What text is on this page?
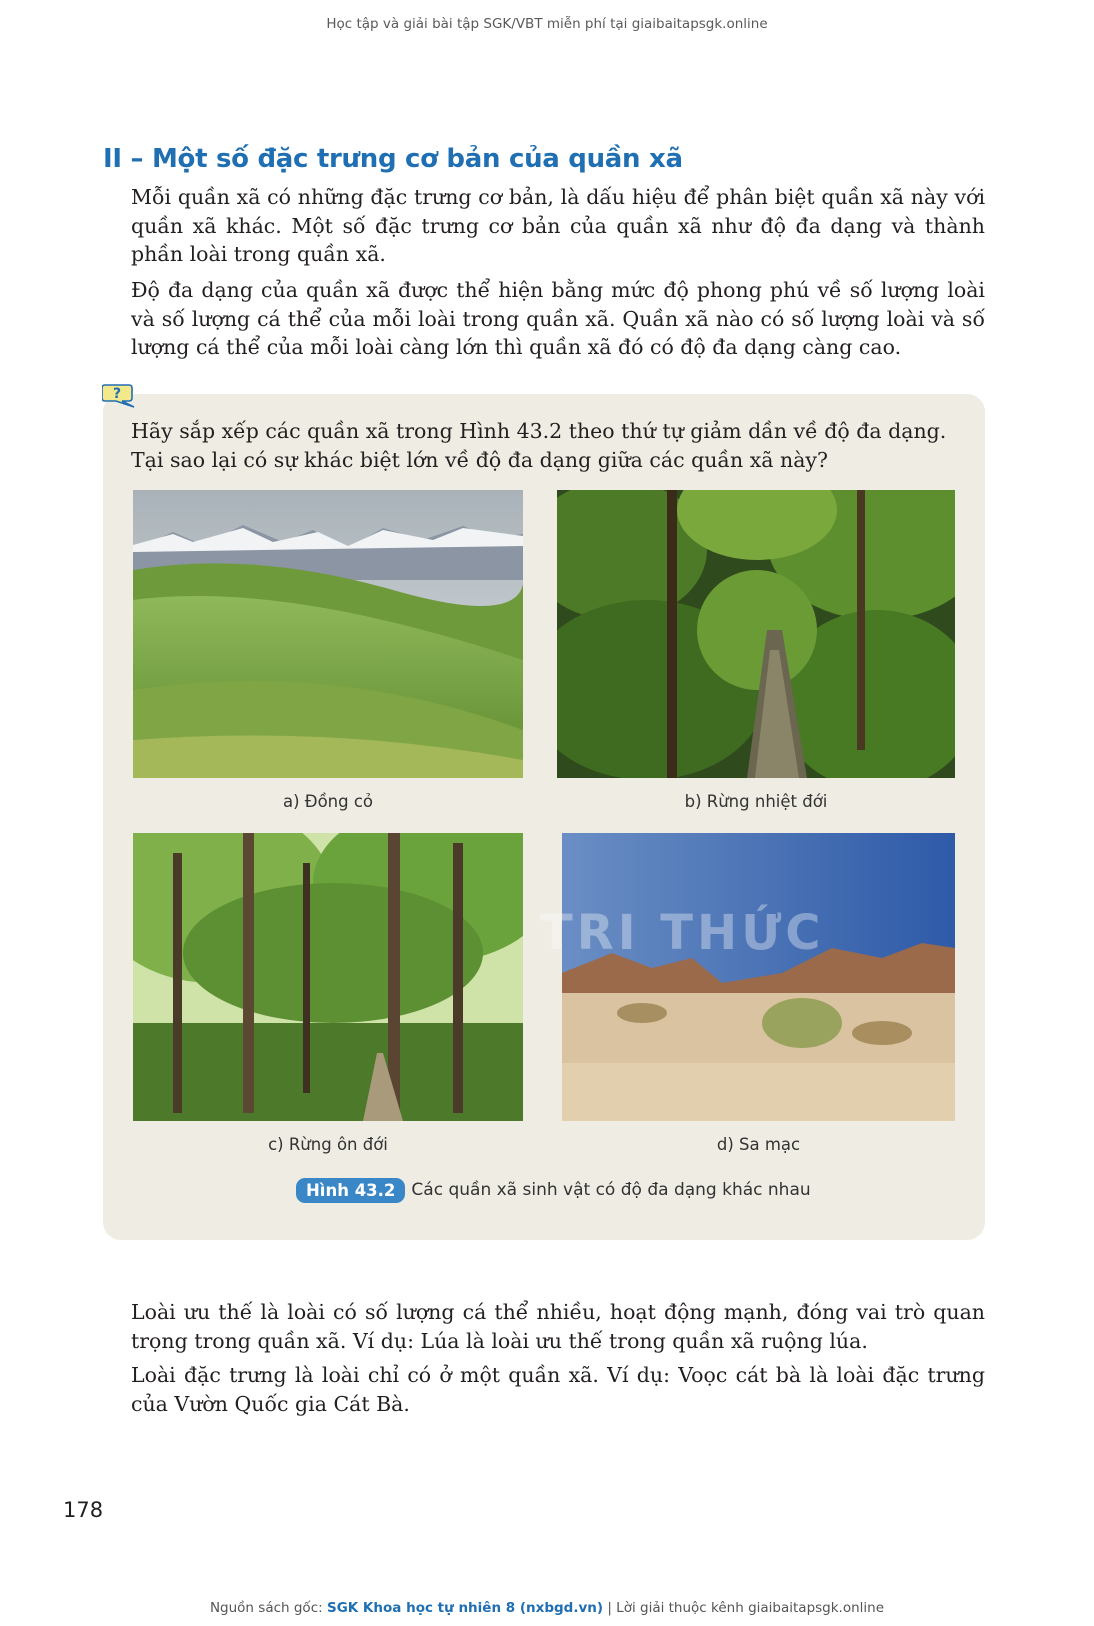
Học tập và giải bài tập SGK/VBT miễn phí tại giaibaitapsgk.online
II – Một số đặc trưng cơ bản của quần xã

Mỗi quần xã có những đặc trưng cơ bản, là dấu hiệu để phân biệt quần xã này với quần xã khác. Một số đặc trưng cơ bản của quần xã như độ đa dạng và thành phần loài trong quần xã.

Độ đa dạng của quần xã được thể hiện bằng mức độ phong phú về số lượng loài và số lượng cá thể của mỗi loài trong quần xã. Quần xã nào có số lượng loài và số lượng cá thể của mỗi loài càng lớn thì quần xã đó có độ đa dạng càng cao.

?

Hãy sắp xếp các quần xã trong Hình 43.2 theo thứ tự giảm dần về độ đa dạng. Tại sao lại có sự khác biệt lớn về độ đa dạng giữa các quần xã này?

a) Đồng cỏ	b) Rừng nhiệt đới
c) Rừng ôn đới	d) Sa mạc
TRI THỨC
Hình 43.2 Các quần xã sinh vật có độ đa dạng khác nhau

Loài ưu thế là loài có số lượng cá thể nhiều, hoạt động mạnh, đóng vai trò quan trọng trong quần xã. Ví dụ: Lúa là loài ưu thế trong quần xã ruộng lúa.

Loài đặc trưng là loài chỉ có ở một quần xã. Ví dụ: Voọc cát bà là loài đặc trưng của Vườn Quốc gia Cát Bà.

178
Nguồn sách gốc: SGK Khoa học tự nhiên 8 (nxbgd.vn) | Lời giải thuộc kênh giaibaitapsgk.online
